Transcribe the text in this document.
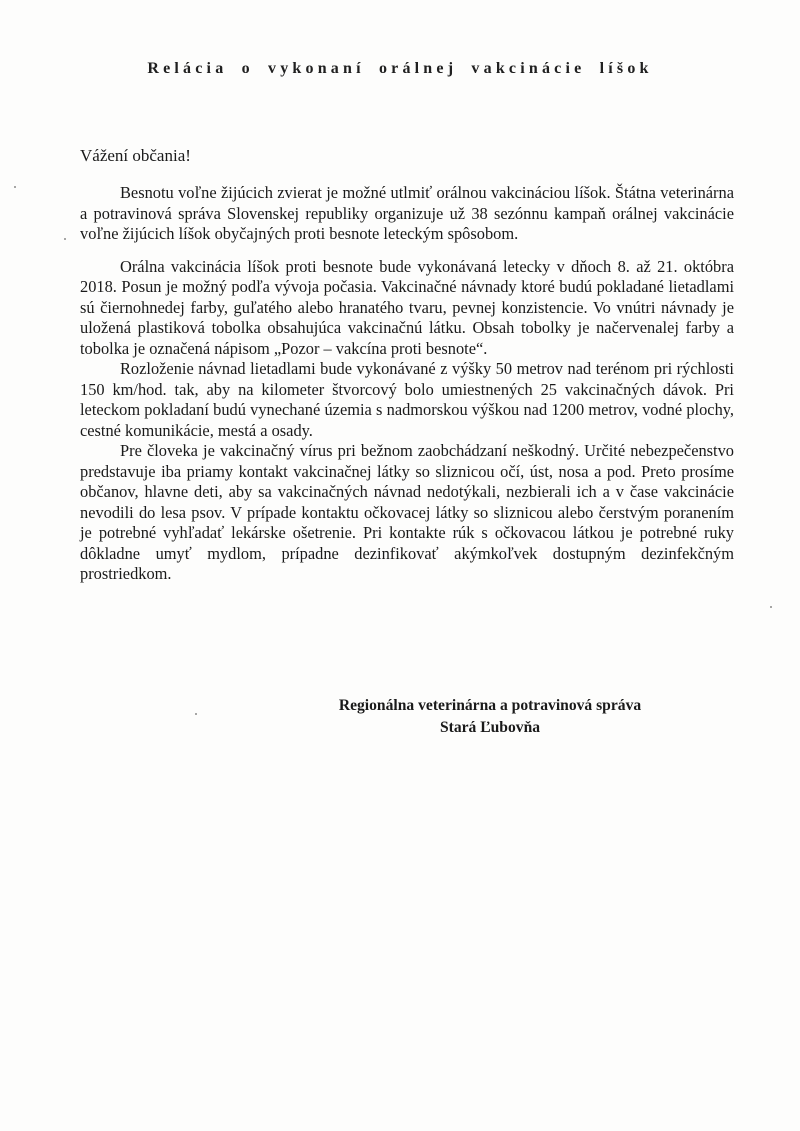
Relácia o vykonaní orálnej vakcinácie líšok
Vážení občania!

Besnotu voľne žijúcich zvierat je možné utlmiť orálnou vakcináciou líšok. Štátna veterinárna a potravinová správa Slovenskej republiky organizuje už 38 sezónnu kampaň orálnej vakcinácie voľne žijúcich líšok obyčajných proti besnote leteckým spôsobom.

Orálna vakcinácia líšok proti besnote bude vykonávaná letecky v dňoch 8. až 21. októbra 2018. Posun je možný podľa vývoja počasia. Vakcinačné návnady ktoré budú pokladané lietadlami sú čiernohnedej farby, guľatého alebo hranatého tvaru, pevnej konzistencie. Vo vnútri návnady je uložená plastiková tobolka obsahujúca vakcinačnú látku. Obsah tobolky je načervenalej farby a tobolka je označená nápisom „Pozor – vakcína proti besnote“.

Rozloženie návnad lietadlami bude vykonávané z výšky 50 metrov nad terénom pri rýchlosti 150 km/hod. tak, aby na kilometer štvorcový bolo umiestnených 25 vakcinačných dávok. Pri leteckom pokladaní budú vynechané územia s nadmorskou výškou nad 1200 metrov, vodné plochy, cestné komunikácie, mestá a osady.

Pre človeka je vakcinačný vírus pri bežnom zaobchádzaní neškodný. Určité nebezpečenstvo predstavuje iba priamy kontakt vakcinačnej látky so sliznicou očí, úst, nosa a pod. Preto prosíme občanov, hlavne deti, aby sa vakcinačných návnad nedotýkali, nezbierali ich a v čase vakcinácie nevodili do lesa psov. V prípade kontaktu očkovacej látky so sliznicou alebo čerstvým poranením je potrebné vyhľadať lekárske ošetrenie. Pri kontakte rúk s očkovacou látkou je potrebné ruky dôkladne umyť mydlom, prípadne dezinfikovať akýmkoľvek dostupným dezinfekčným prostriedkom.

Regionálna veterinárna a potravinová správa
Stará Ľubovňa
